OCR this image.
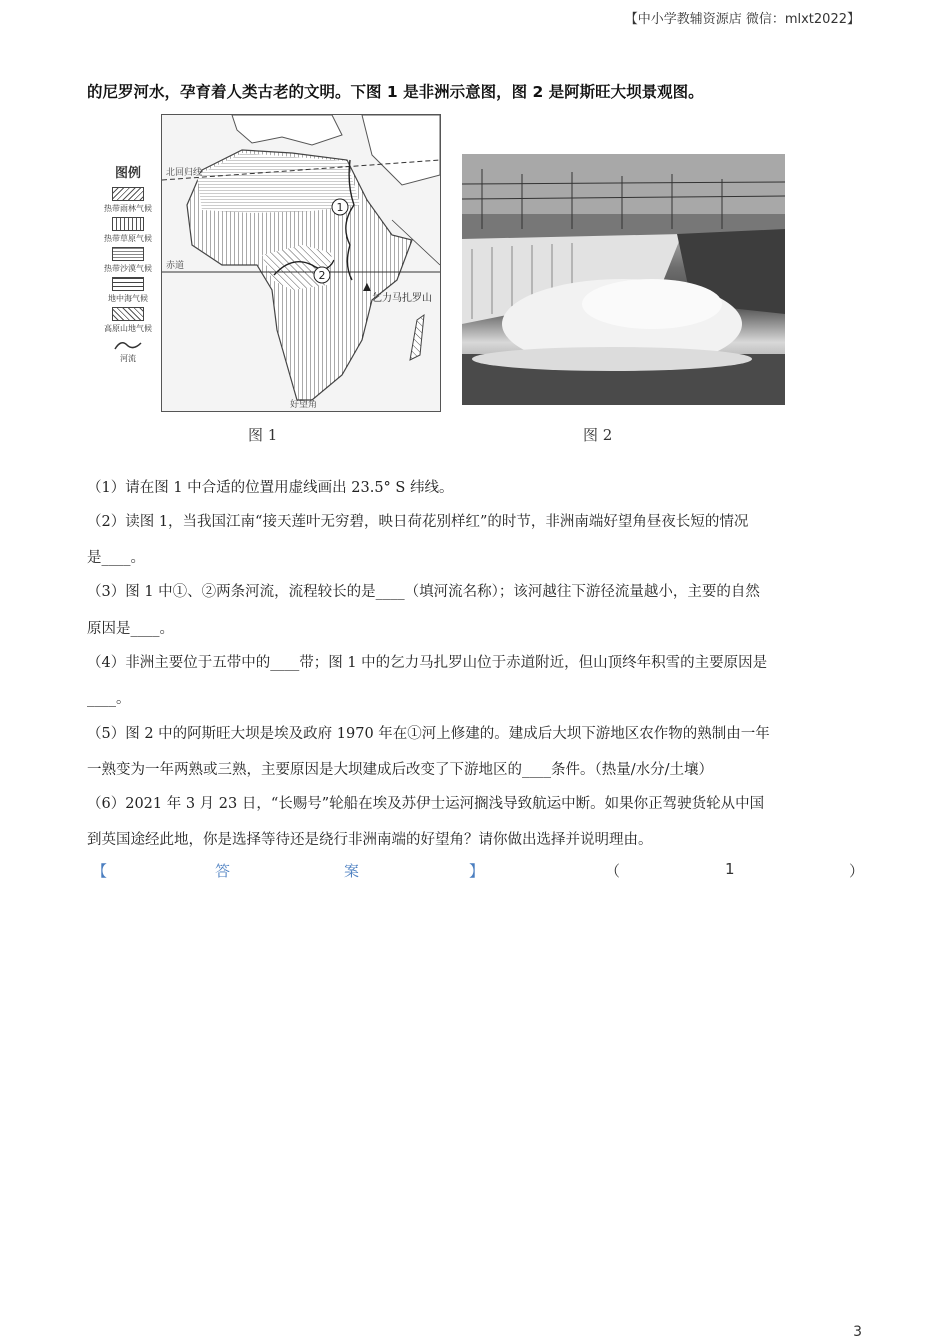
【中小学教辅资源店 微信：mlxt2022】
的尼罗河水，孕育着人类古老的文明。下图 1 是非洲示意图，图 2 是阿斯旺大坝景观图。
图例
热带雨林气候
热带草原气候
热带沙漠气候
地中海气候
高原山地气候
河流
1
2
北回归线
赤道
乞力马扎罗山
好望角
图 1	图 2
（1）请在图 1 中合适的位置用虚线画出 23.5° S 纬线。
（2）读图 1，当我国江南“接天莲叶无穷碧，映日荷花别样红”的时节，非洲南端好望角昼夜长短的情况
是____。
（3）图 1 中①、②两条河流，流程较长的是____（填河流名称）；该河越往下游径流量越小，主要的自然
原因是____。
（4）非洲主要位于五带中的____带；图 1 中的乞力马扎罗山位于赤道附近，但山顶终年积雪的主要原因是
____。
（5）图 2 中的阿斯旺大坝是埃及政府 1970 年在①河上修建的。建成后大坝下游地区农作物的熟制由一年
一熟变为一年两熟或三熟，主要原因是大坝建成后改变了下游地区的____条件。（热量/水分/土壤）
（6）2021 年 3 月 23 日，“长赐号”轮船在埃及苏伊士运河搁浅导致航运中断。如果你正驾驶货轮从中国
到英国途经此地，你是选择等待还是绕行非洲南端的好望角？请你做出选择并说明理由。
【	答	案	】	（	1	）
3
